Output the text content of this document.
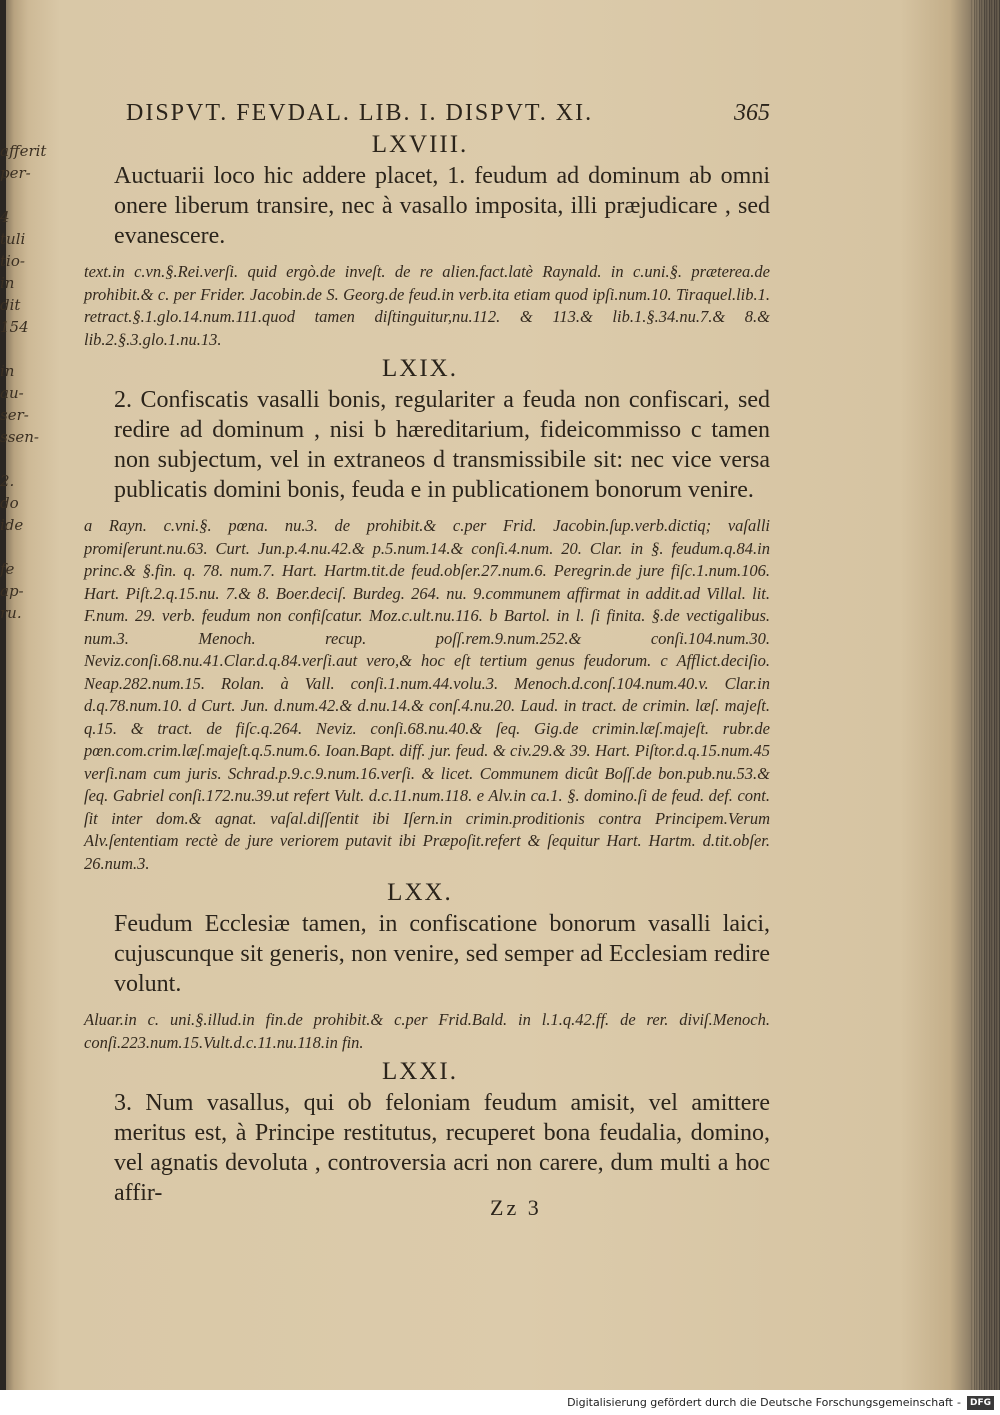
afferit
per-

4
tuli
tio-
in
dit
154

in
au-
ser-
ssen-

2.
do
ide

fe
ap-
ru.
DISPVT. FEVDAL. LIB. I. DISPVT. XI.	365
LXVIII.
Auctuarii loco hic addere placet, 1. feudum ad dominum ab omni onere liberum transire, nec à vasallo imposita, illi præjudicare , sed evanescere.
text.in c.vn.§.Rei.verſi. quid ergò.de inveſt. de re alien.fact.latè Raynald. in c.uni.§. præterea.de prohibit.& c. per Frider. Jacobin.de S. Georg.de feud.in verb.ita etiam quod ipſi.num.10. Tiraquel.lib.1. retract.§.1.glo.14.num.111.quod tamen diſtinguitur,nu.112. & 113.& lib.1.§.34.nu.7.& 8.& lib.2.§.3.glo.1.nu.13.
LXIX.
2. Confiscatis vasalli bonis, regulariter a feuda non confiscari, sed redire ad dominum , nisi b hæreditarium, fideicommisso c tamen non subjectum, vel in extraneos d transmissibile sit: nec vice versa publicatis domini bonis, feuda e in publicationem bonorum venire.
a Rayn. c.vni.§. pœna. nu.3. de prohibit.& c.per Frid. Jacobin.ſup.verb.dictiq; vaſalli promiſerunt.nu.63. Curt. Jun.p.4.nu.42.& p.5.num.14.& conſi.4.num. 20. Clar. in §. feudum.q.84.in princ.& §.fin. q. 78. num.7. Hart. Hartm.tit.de feud.obſer.27.num.6. Peregrin.de jure fiſc.1.num.106. Hart. Piſt.2.q.15.nu. 7.& 8. Boer.deciſ. Burdeg. 264. nu. 9.communem affirmat in addit.ad Villal. lit. F.num. 29. verb. feudum non confiſcatur. Moz.c.ult.nu.116. b Bartol. in l. ſi finita. §.de vectigalibus. num.3. Menoch. recup. poſſ.rem.9.num.252.& conſi.104.num.30. Neviz.conſi.68.nu.41.Clar.d.q.84.verſi.aut vero,& hoc eſt tertium genus feudorum. c Afflict.deciſio. Neap.282.num.15. Rolan. à Vall. conſi.1.num.44.volu.3. Menoch.d.conſ.104.num.40.v. Clar.in d.q.78.num.10. d Curt. Jun. d.num.42.& d.nu.14.& conſ.4.nu.20. Laud. in tract. de crimin. læſ. majeſt. q.15. & tract. de fiſc.q.264. Neviz. conſi.68.nu.40.& ſeq. Gig.de crimin.læſ.majeſt. rubr.de pœn.com.crim.læſ.majeſt.q.5.num.6. Ioan.Bapt. diff. jur. feud. & civ.29.& 39. Hart. Piſtor.d.q.15.num.45 verſi.nam cum juris. Schrad.p.9.c.9.num.16.verſi. & licet. Communem dicût Boſſ.de bon.pub.nu.53.& ſeq. Gabriel conſi.172.nu.39.ut refert Vult. d.c.11.num.118. e Alv.in ca.1. §. domino.ſi de feud. def. cont. ſit inter dom.& agnat. vaſal.diſſentit ibi Iſern.in crimin.proditionis contra Principem.Verum Alv.ſententiam rectè de jure veriorem putavit ibi Præpoſit.refert & ſequitur Hart. Hartm. d.tit.obſer. 26.num.3.
LXX.
Feudum Ecclesiæ tamen, in confiscatione bonorum vasalli laici, cujuscunque sit generis, non venire, sed semper ad Ecclesiam redire volunt.
Aluar.in c. uni.§.illud.in fin.de prohibit.& c.per Frid.Bald. in l.1.q.42.ff. de rer. diviſ.Menoch. conſi.223.num.15.Vult.d.c.11.nu.118.in fin.
LXXI.
3. Num vasallus, qui ob feloniam feudum amisit, vel amittere meritus est, à Principe restitutus, recuperet bona feudalia, domino, vel agnatis devoluta , controversia acri non carere, dum multi a hoc affir-
Zz 3
Digitalisierung gefördert durch die Deutsche Forschungsgemeinschaft -	DFG
